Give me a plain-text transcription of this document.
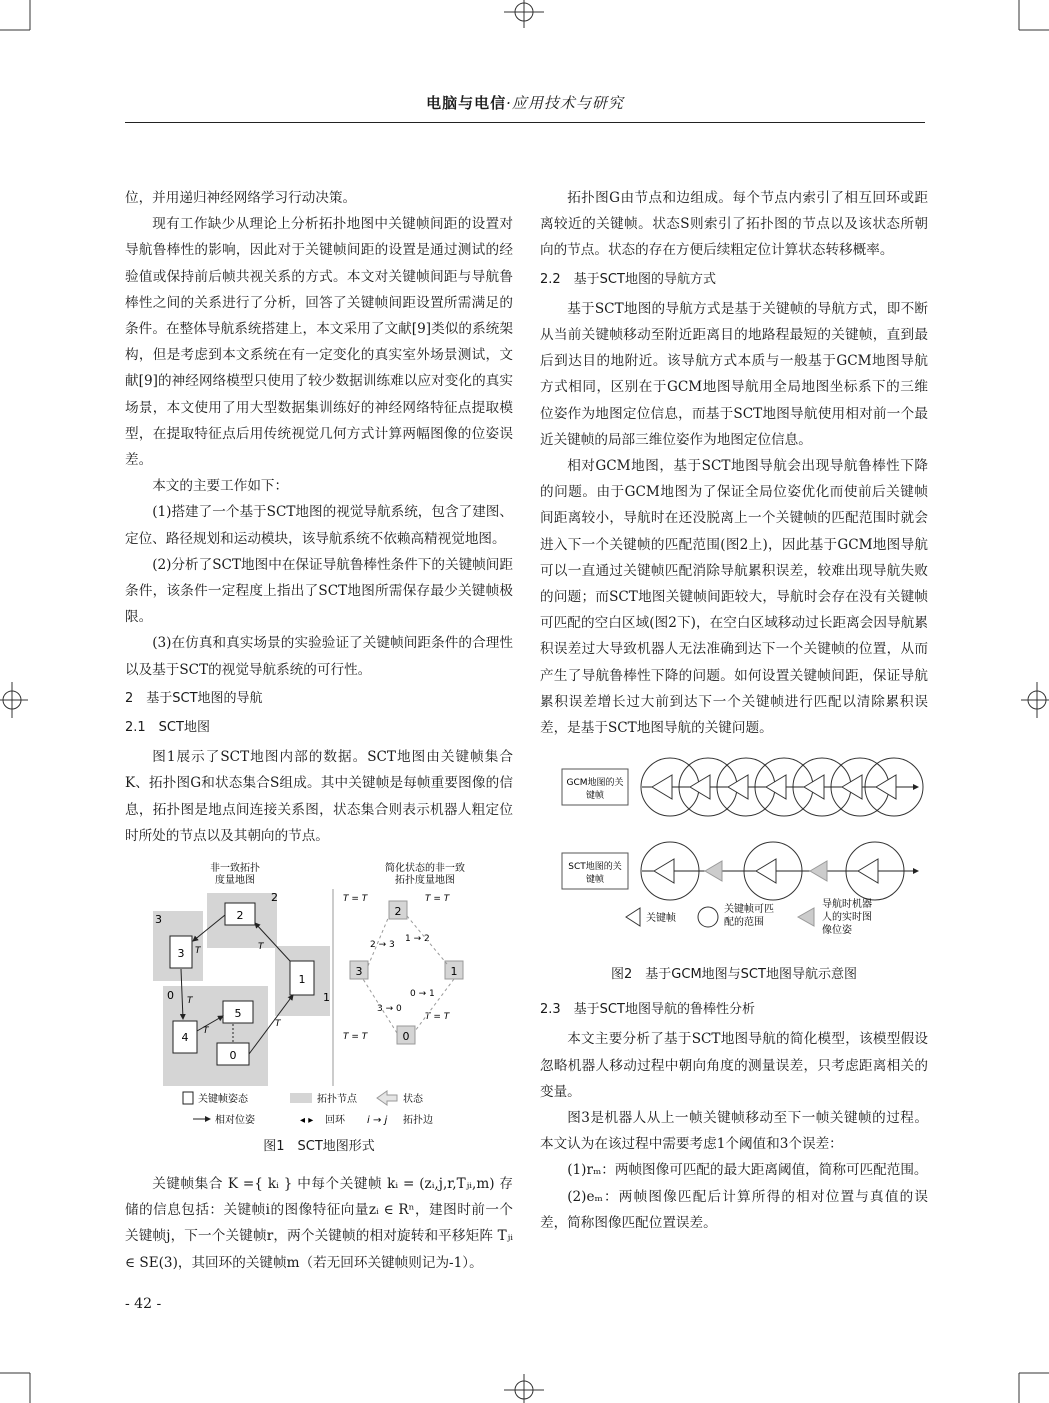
电脑与电信·应用技术与研究

位，并用递归神经网络学习行动决策。

现有工作缺少从理论上分析拓扑地图中关键帧间距的设置对导航鲁棒性的影响，因此对于关键帧间距的设置是通过测试的经验值或保持前后帧共视关系的方式。本文对关键帧间距与导航鲁棒性之间的关系进行了分析，回答了关键帧间距设置所需满足的条件。在整体导航系统搭建上，本文采用了文献[9]类似的系统架构，但是考虑到本文系统在有一定变化的真实室外场景测试，文献[9]的神经网络模型只使用了较少数据训练难以应对变化的真实场景，本文使用了用大型数据集训练好的神经网络特征点提取模型，在提取特征点后用传统视觉几何方式计算两幅图像的位姿误差。

本文的主要工作如下：

(1)搭建了一个基于SCT地图的视觉导航系统，包含了建图、定位、路径规划和运动模块，该导航系统不依赖高精视觉地图。

(2)分析了SCT地图中在保证导航鲁棒性条件下的关键帧间距条件，该条件一定程度上指出了SCT地图所需保存最少关键帧极限。

(3)在仿真和真实场景的实验验证了关键帧间距条件的合理性以及基于SCT的视觉导航系统的可行性。

2　基于SCT地图的导航

2.1　SCT地图

图1展示了SCT地图内部的数据。SCT地图由关键帧集合K、拓扑图G和状态集合S组成。其中关键帧是每帧重要图像的信息，拓扑图是地点间连接关系图，状态集合则表示机器人粗定位时所处的节点以及其朝向的节点。

非一致拓扑
度量地图
简化状态的非一致
拓扑度量地图
2
3
1
0
2
3
1
5
4
0
T
T
T
T
T
2
3	1
0
2 → 3
1 → 2
0 → 1
3 → 0
T = T	T = T
T = T
T = T
关键帧姿态	拓扑节点	状态
相对位姿	◂ ▸ 回环 i → j 拓扑边
图1　SCT地图形式

关键帧集合 K ={ kᵢ } 中每个关键帧 kᵢ = (zᵢ,j,r,Tⱼᵢ,m) 存储的信息包括：关键帧i的图像特征向量zᵢ ∈ Rⁿ，建图时前一个关键帧j，下一个关键帧r，两个关键帧的相对旋转和平移矩阵 Tⱼᵢ ∈ SE(3)，其回环的关键帧m（若无回环关键帧则记为-1）。

拓扑图G由节点和边组成。每个节点内索引了相互回环或距离较近的关键帧。状态S则索引了拓扑图的节点以及该状态所朝向的节点。状态的存在方便后续粗定位计算状态转移概率。

2.2　基于SCT地图的导航方式

基于SCT地图的导航方式是基于关键帧的导航方式，即不断从当前关键帧移动至附近距离目的地路程最短的关键帧，直到最后到达目的地附近。该导航方式本质与一般基于GCM地图导航方式相同，区别在于GCM地图导航用全局地图坐标系下的三维位姿作为地图定位信息，而基于SCT地图导航使用相对前一个最近关键帧的局部三维位姿作为地图定位信息。

相对GCM地图，基于SCT地图导航会出现导航鲁棒性下降的问题。由于GCM地图为了保证全局位姿优化而使前后关键帧间距离较小，导航时在还没脱离上一个关键帧的匹配范围时就会进入下一个关键帧的匹配范围(图2上)，因此基于GCM地图导航可以一直通过关键帧匹配消除导航累积误差，较难出现导航失败的问题；而SCT地图关键帧间距较大，导航时会存在没有关键帧可匹配的空白区域(图2下)，在空白区域移动过长距离会因导航累积误差过大导致机器人无法准确到达下一个关键帧的位置，从而产生了导航鲁棒性下降的问题。如何设置关键帧间距，保证导航累积误差增长过大前到达下一个关键帧进行匹配以清除累积误差，是基于SCT地图导航的关键问题。

GCM地图的关
键帧
SCT地图的关
键帧
关键帧
关键帧可匹
配的范围
导航时机器
人的实时图
像位姿
图2　基于GCM地图与SCT地图导航示意图

2.3　基于SCT地图导航的鲁棒性分析

本文主要分析了基于SCT地图导航的简化模型，该模型假设忽略机器人移动过程中朝向角度的测量误差，只考虑距离相关的变量。

图3是机器人从上一帧关键帧移动至下一帧关键帧的过程。本文认为在该过程中需要考虑1个阈值和3个误差：

(1)rₘ：两帧图像可匹配的最大距离阈值，简称可匹配范围。

(2)eₘ：两帧图像匹配后计算所得的相对位置与真值的误差，简称图像匹配位置误差。

- 42 -
